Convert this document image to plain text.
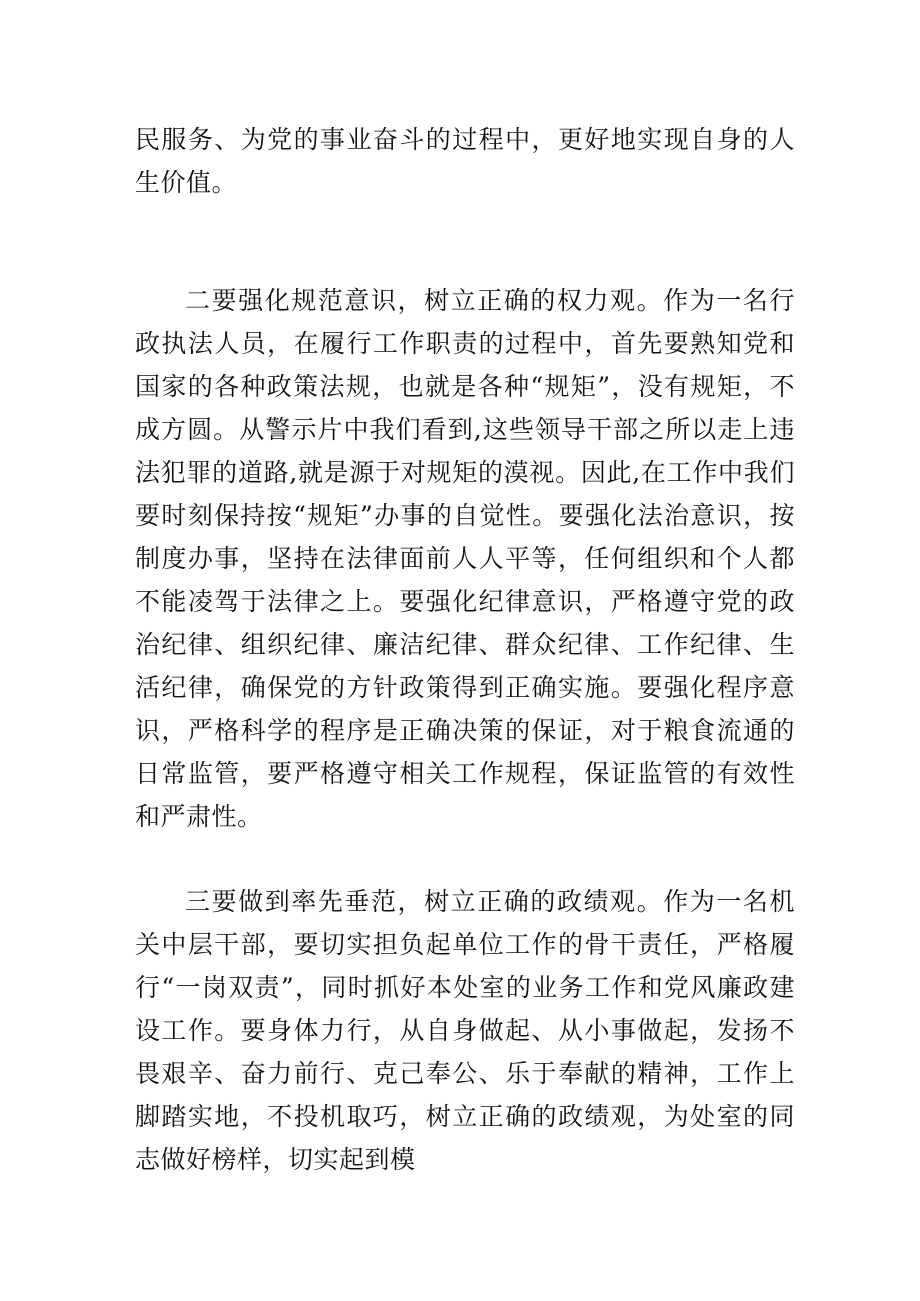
民服务、为党的事业奋斗的过程中，更好地实现自身的人生价值。

二要强化规范意识，树立正确的权力观。作为一名行政执法人员，在履行工作职责的过程中，首先要熟知党和国家的各种政策法规，也就是各种“规矩”，没有规矩，不成方圆。从警示片中我们看到,这些领导干部之所以走上违法犯罪的道路,就是源于对规矩的漠视。因此,在工作中我们要时刻保持按“规矩”办事的自觉性。要强化法治意识，按制度办事，坚持在法律面前人人平等，任何组织和个人都不能凌驾于法律之上。要强化纪律意识，严格遵守党的政治纪律、组织纪律、廉洁纪律、群众纪律、工作纪律、生活纪律，确保党的方针政策得到正确实施。要强化程序意识，严格科学的程序是正确决策的保证，对于粮食流通的日常监管，要严格遵守相关工作规程，保证监管的有效性和严肃性。

三要做到率先垂范，树立正确的政绩观。作为一名机关中层干部，要切实担负起单位工作的骨干责任，严格履行“一岗双责”，同时抓好本处室的业务工作和党风廉政建设工作。要身体力行，从自身做起、从小事做起，发扬不畏艰辛、奋力前行、克己奉公、乐于奉献的精神，工作上脚踏实地，不投机取巧，树立正确的政绩观，为处室的同志做好榜样，切实起到模
